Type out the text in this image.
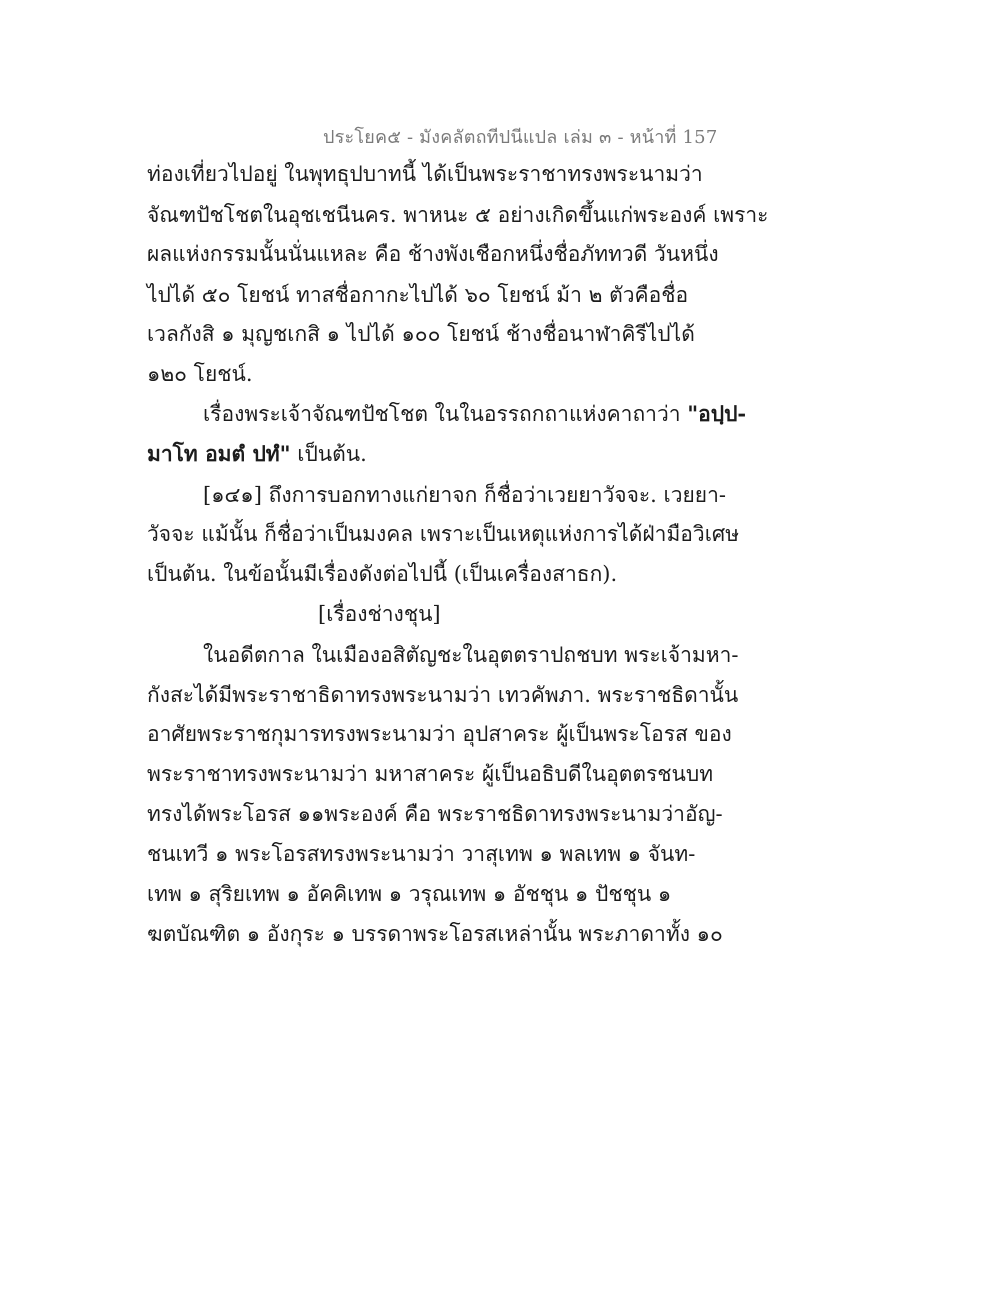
ประโยค๕ - มังคลัตถทีปนีแปล เล่ม ๓ - หน้าที่ 157
ท่องเที่ยวไปอยู่ ในพุทธุปบาทนี้ ได้เป็นพระราชาทรงพระนามว่า
จัณฑปัชโชตในอุชเชนีนคร. พาหนะ ๕ อย่างเกิดขึ้นแก่พระองค์ เพราะ
ผลแห่งกรรมนั้นนั่นแหละ คือ ช้างพังเชือกหนึ่งชื่อภัททวดี วันหนึ่ง
ไปได้ ๕๐ โยชน์ ทาสชื่อกากะไปได้ ๖๐ โยชน์ ม้า ๒ ตัวคือชื่อ
เวลกังสิ ๑ มุญชเกสิ ๑ ไปได้ ๑๐๐ โยชน์ ช้างชื่อนาฬาคิรีไปได้
๑๒๐ โยชน์.
เรื่องพระเจ้าจัณฑปัชโชต ในในอรรถกถาแห่งคาถาว่า "อปฺป-
มาโท อมตํ ปทํ" เป็นต้น.
[๑๔๑] ถึงการบอกทางแก่ยาจก ก็ชื่อว่าเวยยาวัจจะ. เวยยา-
วัจจะ แม้นั้น ก็ชื่อว่าเป็นมงคล เพราะเป็นเหตุแห่งการได้ฝ่ามือวิเศษ
เป็นต้น. ในข้อนั้นมีเรื่องดังต่อไปนี้ (เป็นเครื่องสาธก).
[เรื่องช่างชุน]
ในอดีตกาล ในเมืองอสิตัญชะในอุตตราปถชบท พระเจ้ามหา-
กังสะได้มีพระราชาธิดาทรงพระนามว่า เทวคัพภา. พระราชธิดานั้น
อาศัยพระราชกุมารทรงพระนามว่า อุปสาคระ ผู้เป็นพระโอรส ของ
พระราชาทรงพระนามว่า มหาสาคระ ผู้เป็นอธิบดีในอุตตรชนบท
ทรงได้พระโอรส ๑๑พระองค์ คือ พระราชธิดาทรงพระนามว่าอัญ-
ชนเทวี ๑ พระโอรสทรงพระนามว่า วาสุเทพ ๑ พลเทพ ๑ จันท-
เทพ ๑ สุริยเทพ ๑ อัคคิเทพ ๑ วรุณเทพ ๑ อัชชุน ๑ ปัชชุน ๑
ฆตบัณฑิต ๑ อังกุระ ๑ บรรดาพระโอรสเหล่านั้น พระภาดาทั้ง ๑๐
